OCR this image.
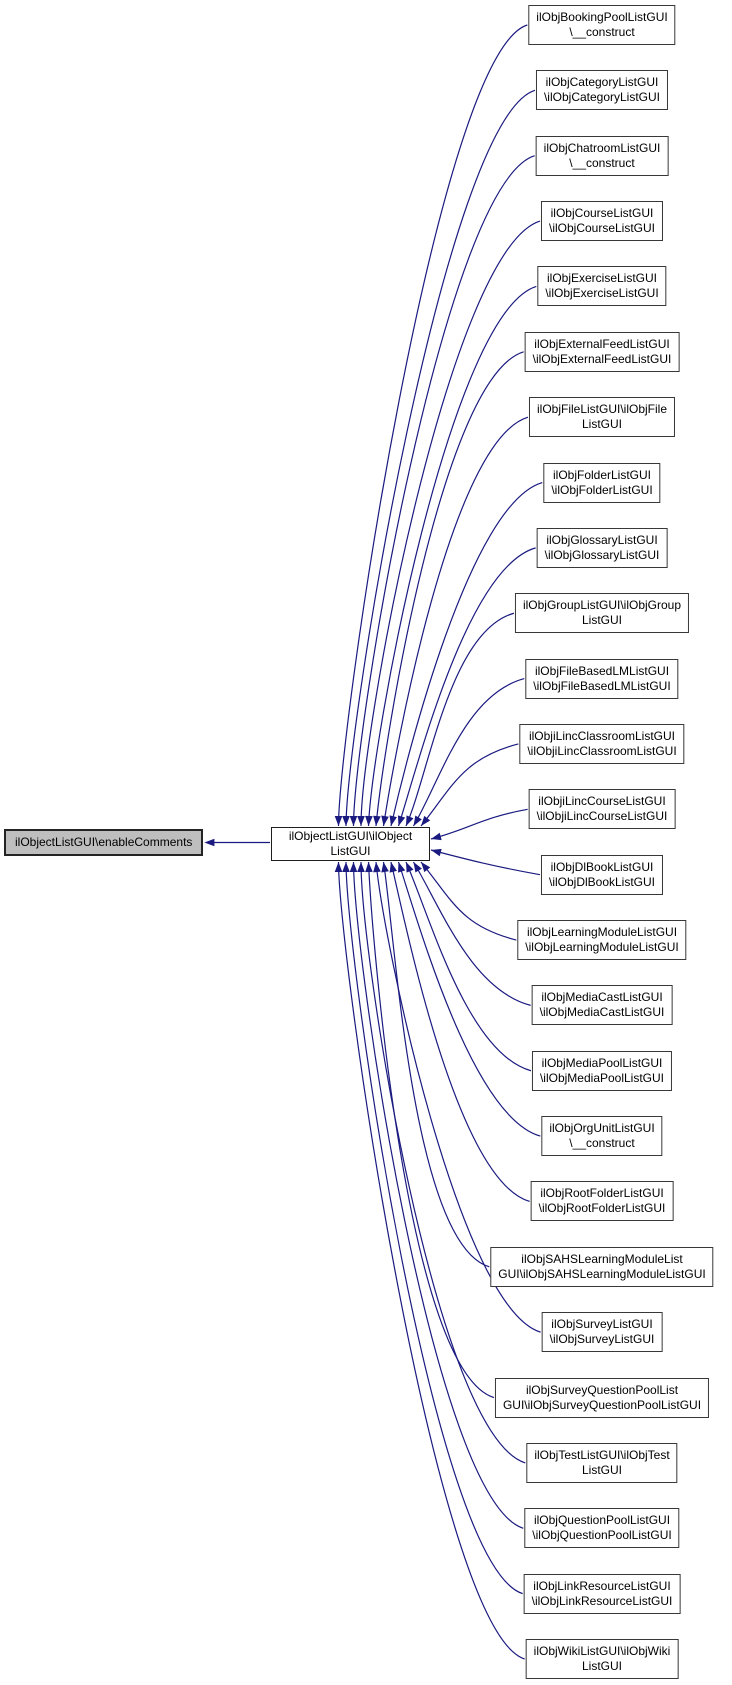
ilObjectListGUI\enableComments	ilObjectListGUI\ilObject
ListGUI
ilObjBookingPoolListGUI
\__construct
ilObjCategoryListGUI
\ilObjCategoryListGUI
ilObjChatroomListGUI
\__construct
ilObjCourseListGUI
\ilObjCourseListGUI
ilObjExerciseListGUI
\ilObjExerciseListGUI
ilObjExternalFeedListGUI
\ilObjExternalFeedListGUI
ilObjFileListGUI\ilObjFile
ListGUI
ilObjFolderListGUI
\ilObjFolderListGUI
ilObjGlossaryListGUI
\ilObjGlossaryListGUI
ilObjGroupListGUI\ilObjGroup
ListGUI
ilObjFileBasedLMListGUI
\ilObjFileBasedLMListGUI
ilObjiLincClassroomListGUI
\ilObjiLincClassroomListGUI
ilObjiLincCourseListGUI
\ilObjiLincCourseListGUI
ilObjDlBookListGUI
\ilObjDlBookListGUI
ilObjLearningModuleListGUI
\ilObjLearningModuleListGUI
ilObjMediaCastListGUI
\ilObjMediaCastListGUI
ilObjMediaPoolListGUI
\ilObjMediaPoolListGUI
ilObjOrgUnitListGUI
\__construct
ilObjRootFolderListGUI
\ilObjRootFolderListGUI
ilObjSAHSLearningModuleList
GUI\ilObjSAHSLearningModuleListGUI
ilObjSurveyListGUI
\ilObjSurveyListGUI
ilObjSurveyQuestionPoolList
GUI\ilObjSurveyQuestionPoolListGUI
ilObjTestListGUI\ilObjTest
ListGUI
ilObjQuestionPoolListGUI
\ilObjQuestionPoolListGUI
ilObjLinkResourceListGUI
\ilObjLinkResourceListGUI
ilObjWikiListGUI\ilObjWiki
ListGUI
